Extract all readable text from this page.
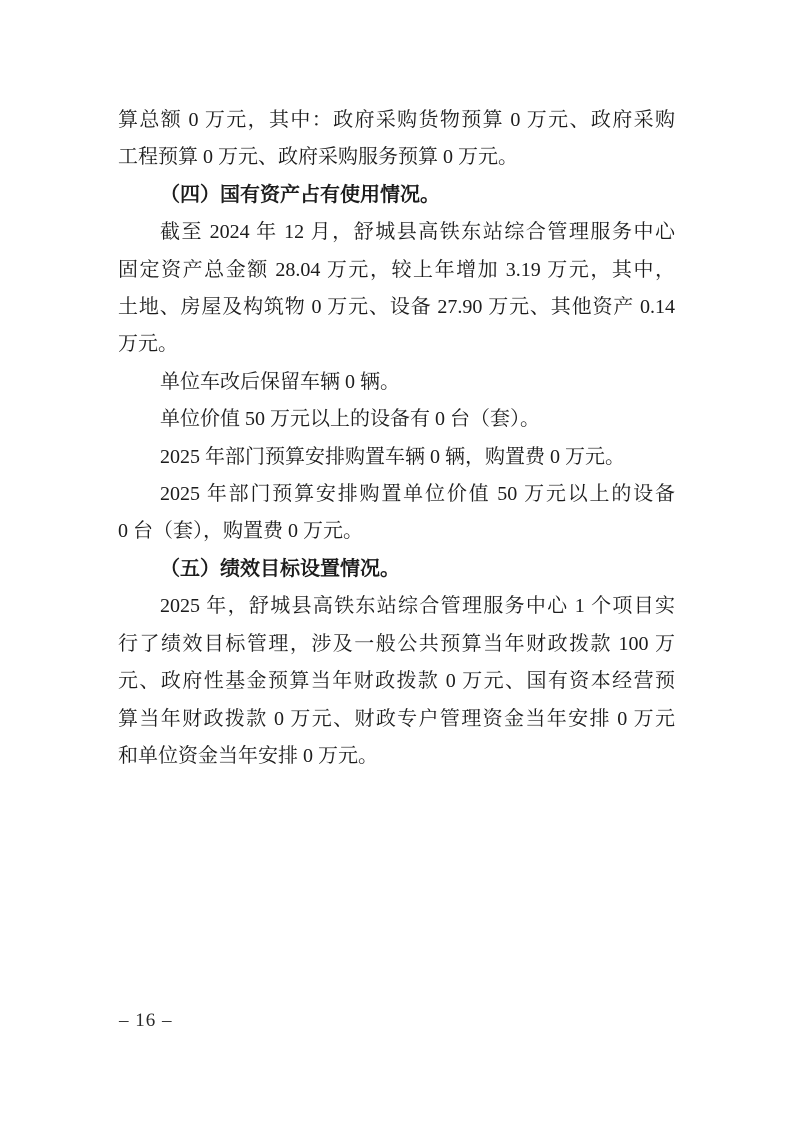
算总额 0 万元，其中：政府采购货物预算 0 万元、政府采购
工程预算 0 万元、政府采购服务预算 0 万元。
（四）国有资产占有使用情况。
截至 2024 年 12 月，舒城县高铁东站综合管理服务中心
固定资产总金额 28.04 万元，较上年增加 3.19 万元，其中，
土地、房屋及构筑物 0 万元、设备 27.90 万元、其他资产 0.14
万元。
单位车改后保留车辆 0 辆。
单位价值 50 万元以上的设备有 0 台（套）。
2025 年部门预算安排购置车辆 0 辆，购置费 0 万元。
2025 年部门预算安排购置单位价值 50 万元以上的设备
0 台（套），购置费 0 万元。
（五）绩效目标设置情况。
2025 年，舒城县高铁东站综合管理服务中心 1 个项目实
行了绩效目标管理，涉及一般公共预算当年财政拨款 100 万
元、政府性基金预算当年财政拨款 0 万元、国有资本经营预
算当年财政拨款 0 万元、财政专户管理资金当年安排 0 万元
和单位资金当年安排 0 万元。
– 16 –
